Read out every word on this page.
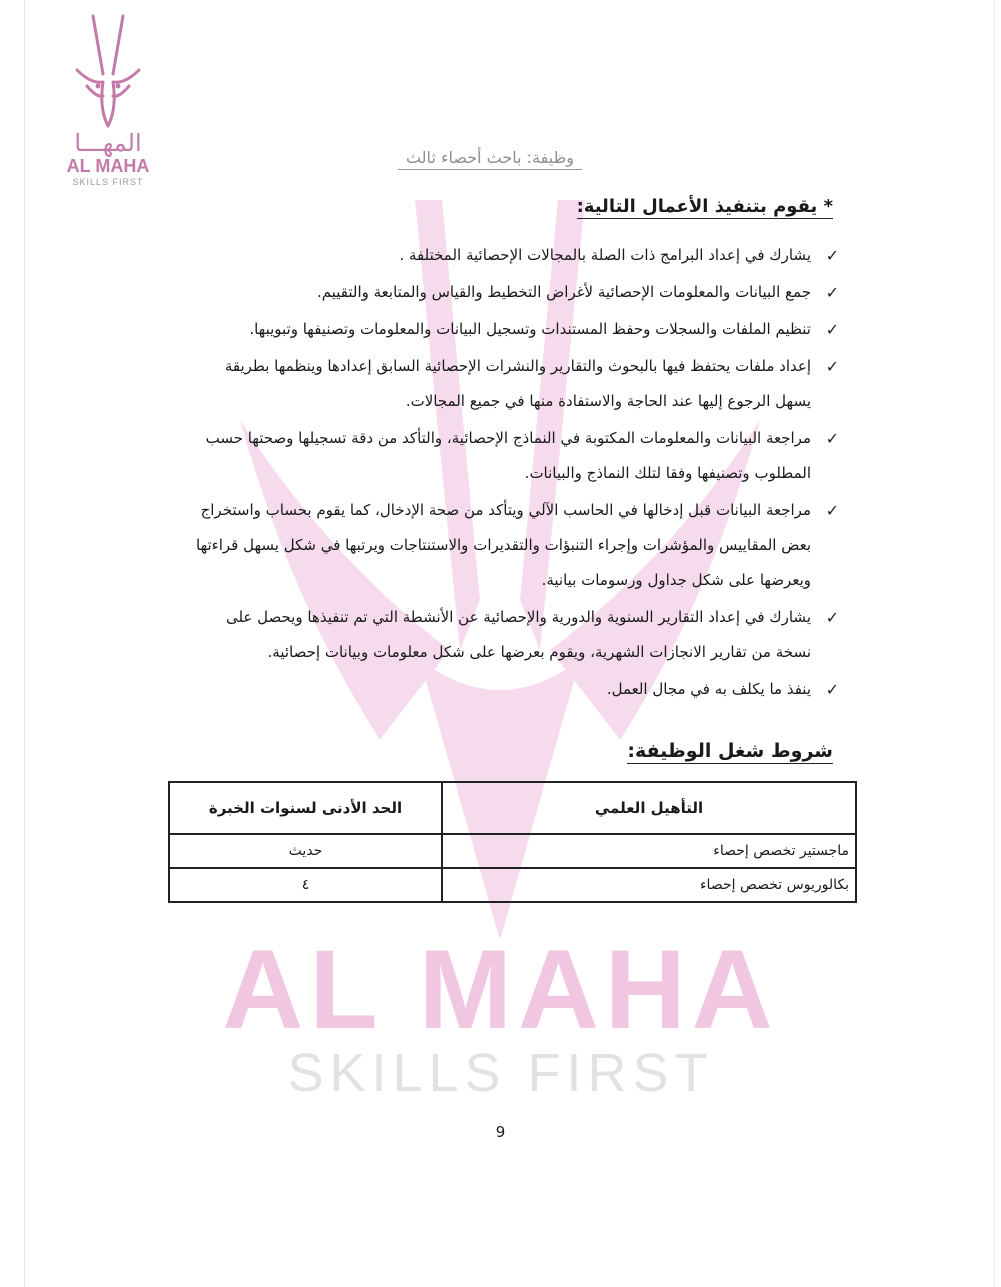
AL MAHA
SKILLS FIRST
المهـــا
AL MAHA
SKILLS FIRST
وظيفة: باحث أحصاء ثالث
* يقوم بتنفيذ الأعمال التالية:
✓
يشارك في إعداد البرامج ذات الصلة بالمجالات الإحصائية المختلفة .
✓
جمع البيانات والمعلومات الإحصائية لأغراض التخطيط والقياس والمتابعة والتقييم.
✓
تنظيم الملفات والسجلات وحفظ المستندات وتسجيل البيانات والمعلومات وتصنيفها وتبويبها.
✓
إعداد ملفات يحتفظ فيها بالبحوث والتقارير والنشرات الإحصائية السابق إعدادها وينظمها بطريقة يسهل الرجوع إليها عند الحاجة والاستفادة منها في جميع المجالات.
✓
مراجعة البيانات والمعلومات المكتوبة في النماذج الإحصائية، والتأكد من دقة تسجيلها وصحتها حسب المطلوب وتصنيفها وفقا لتلك النماذج والبيانات.
✓
مراجعة البيانات قبل إدخالها في الحاسب الآلي ويتأكد من صحة الإدخال، كما يقوم بحساب واستخراج بعض المقاييس والمؤشرات وإجراء التنبؤات والتقديرات والاستنتاجات ويرتبها في شكل يسهل قراءتها ويعرضها على شكل جداول ورسومات بيانية.
✓
يشارك في إعداد التقارير السنوية والدورية والإحصائية عن الأنشطة التي تم تنفيذها ويحصل على نسخة من تقارير الانجازات الشهرية، ويقوم بعرضها على شكل معلومات وبيانات إحصائية.
✓
ينفذ ما يكلف به في مجال العمل.
شروط شغل الوظيفة:
التأهيل العلمي	الحد الأدنى لسنوات الخبرة
ماجستير تخصص إحصاء	حديث
بكالوريوس تخصص إحصاء	٤
9
